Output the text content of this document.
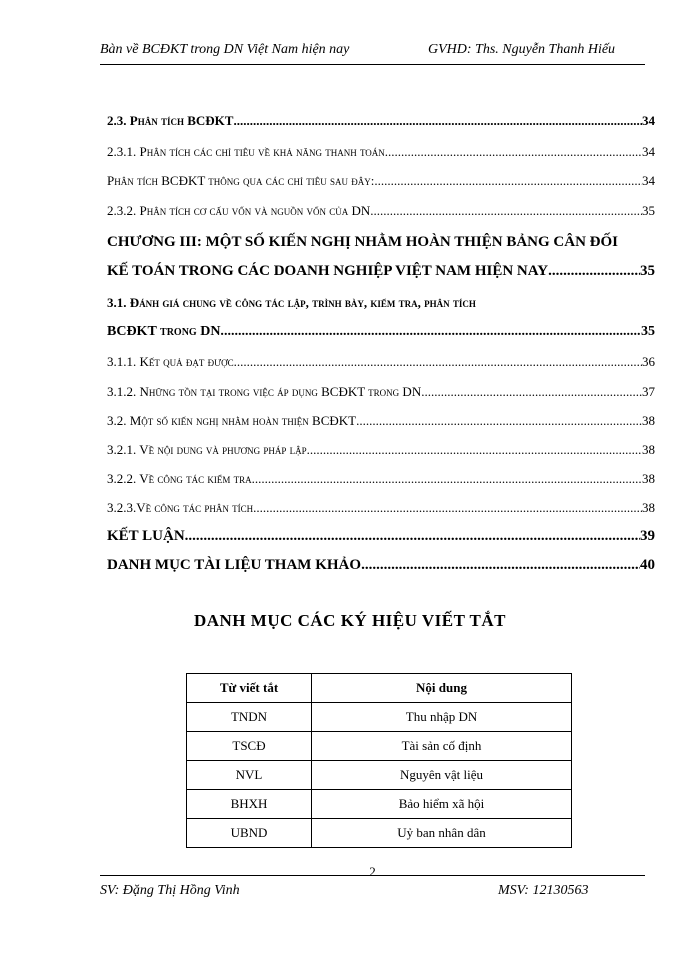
Bàn về BCĐKT trong DN Việt Nam hiện nay	GVHD: Ths. Nguyễn Thanh Hiếu
2.3. Phân tích BCĐKT .....	34
2.3.1. Phân tích các chỉ tiêu về khả năng thanh toán. .....	34
Phân tích BCĐKT thông qua các chỉ tiêu sau đây: .....	34
2.3.2. Phân tích cơ cấu vốn và nguồn vốn của DN .....	35
CHƯƠNG III: MỘT SỐ KIẾN NGHỊ NHẰM HOÀN THIỆN BẢNG CÂN ĐỐI
KẾ TOÁN TRONG CÁC DOANH NGHIỆP VIỆT NAM HIỆN NAY .....	35
3.1. Đánh giá chung về công tác lập, trình bày, kiểm tra, phân tích
BCĐKT trong DN. .....	35
3.1.1. Kết quả đạt được .....	36
3.1.2. Những tồn tại trong việc áp dụng BCĐKT trong DN .....	37
3.2. Một số kiến nghị nhằm hoàn thiện BCĐKT .....	38
3.2.1. Về nội dung và phương pháp lập .....	38
3.2.2. Về công tác kiểm tra .....	38
3.2.3.Về công tác phân tích .....	38
KẾT LUẬN .....	39
DANH MỤC TÀI LIỆU THAM KHẢO .....	40
DANH MỤC CÁC KÝ HIỆU VIẾT TẮT
Từ viết tắt	Nội dung
TNDN	Thu nhập DN
TSCĐ	Tài sản cố định
NVL	Nguyên vật liệu
BHXH	Bảo hiểm xã hội
UBND	Uỷ ban nhân dân
2
SV: Đặng Thị Hồng Vinh	MSV: 12130563
